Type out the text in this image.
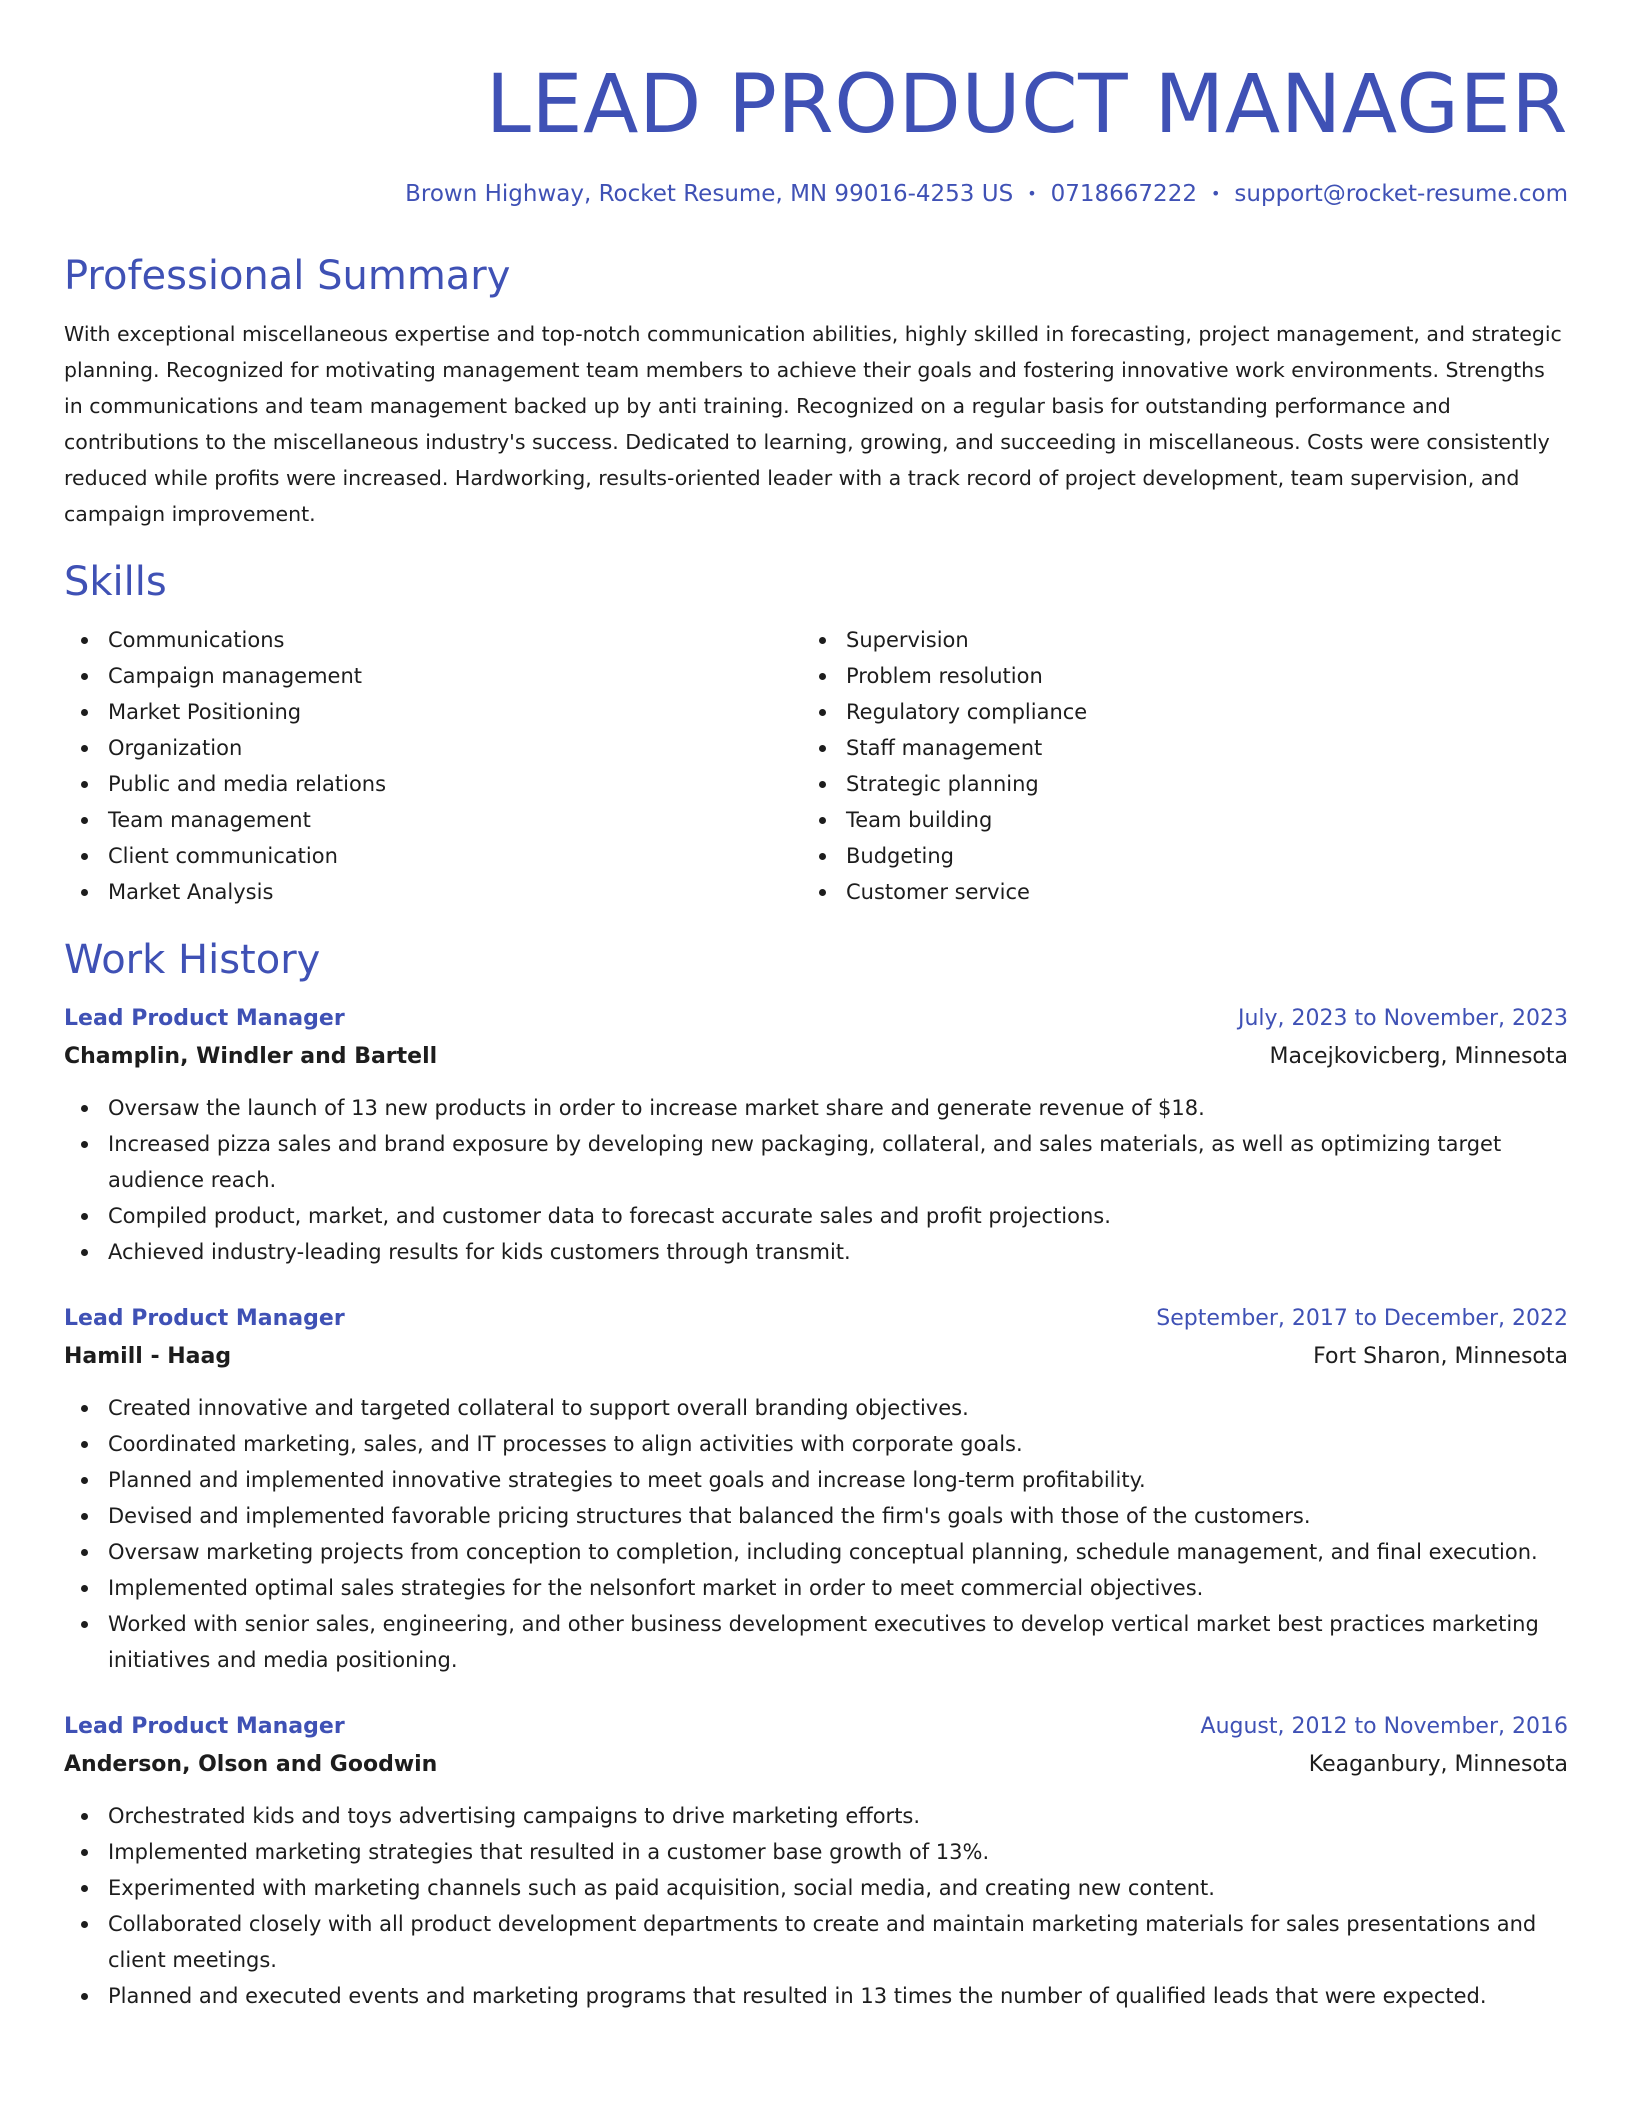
LEAD PRODUCT MANAGER
Brown Highway, Rocket Resume, MN 99016-4253 US • 0718667222 • support@rocket-resume.com
Professional Summary

With exceptional miscellaneous expertise and top-notch communication abilities, highly skilled in forecasting, project management, and strategic planning. Recognized for motivating management team members to achieve their goals and fostering innovative work environments. Strengths in communications and team management backed up by anti training. Recognized on a regular basis for outstanding performance and contributions to the miscellaneous industry's success. Dedicated to learning, growing, and succeeding in miscellaneous. Costs were consistently reduced while profits were increased. Hardworking, results-oriented leader with a track record of project development, team supervision, and campaign improvement.

Skills
Communications
Campaign management
Market Positioning
Organization
Public and media relations
Team management
Client communication
Market Analysis
Supervision
Problem resolution
Regulatory compliance
Staff management
Strategic planning
Team building
Budgeting
Customer service
Work History
Lead Product Manager	July, 2023 to November, 2023
Champlin, Windler and Bartell	Macejkovicberg, Minnesota
Oversaw the launch of 13 new products in order to increase market share and generate revenue of $18.
Increased pizza sales and brand exposure by developing new packaging, collateral, and sales materials, as well as optimizing target audience reach.
Compiled product, market, and customer data to forecast accurate sales and profit projections.
Achieved industry-leading results for kids customers through transmit.
Lead Product Manager	September, 2017 to December, 2022
Hamill - Haag	Fort Sharon, Minnesota
Created innovative and targeted collateral to support overall branding objectives.
Coordinated marketing, sales, and IT processes to align activities with corporate goals.
Planned and implemented innovative strategies to meet goals and increase long-term profitability.
Devised and implemented favorable pricing structures that balanced the firm's goals with those of the customers.
Oversaw marketing projects from conception to completion, including conceptual planning, schedule management, and final execution.
Implemented optimal sales strategies for the nelsonfort market in order to meet commercial objectives.
Worked with senior sales, engineering, and other business development executives to develop vertical market best practices marketing initiatives and media positioning.
Lead Product Manager	August, 2012 to November, 2016
Anderson, Olson and Goodwin	Keaganbury, Minnesota
Orchestrated kids and toys advertising campaigns to drive marketing efforts.
Implemented marketing strategies that resulted in a customer base growth of 13%.
Experimented with marketing channels such as paid acquisition, social media, and creating new content.
Collaborated closely with all product development departments to create and maintain marketing materials for sales presentations and client meetings.
Planned and executed events and marketing programs that resulted in 13 times the number of qualified leads that were expected.
